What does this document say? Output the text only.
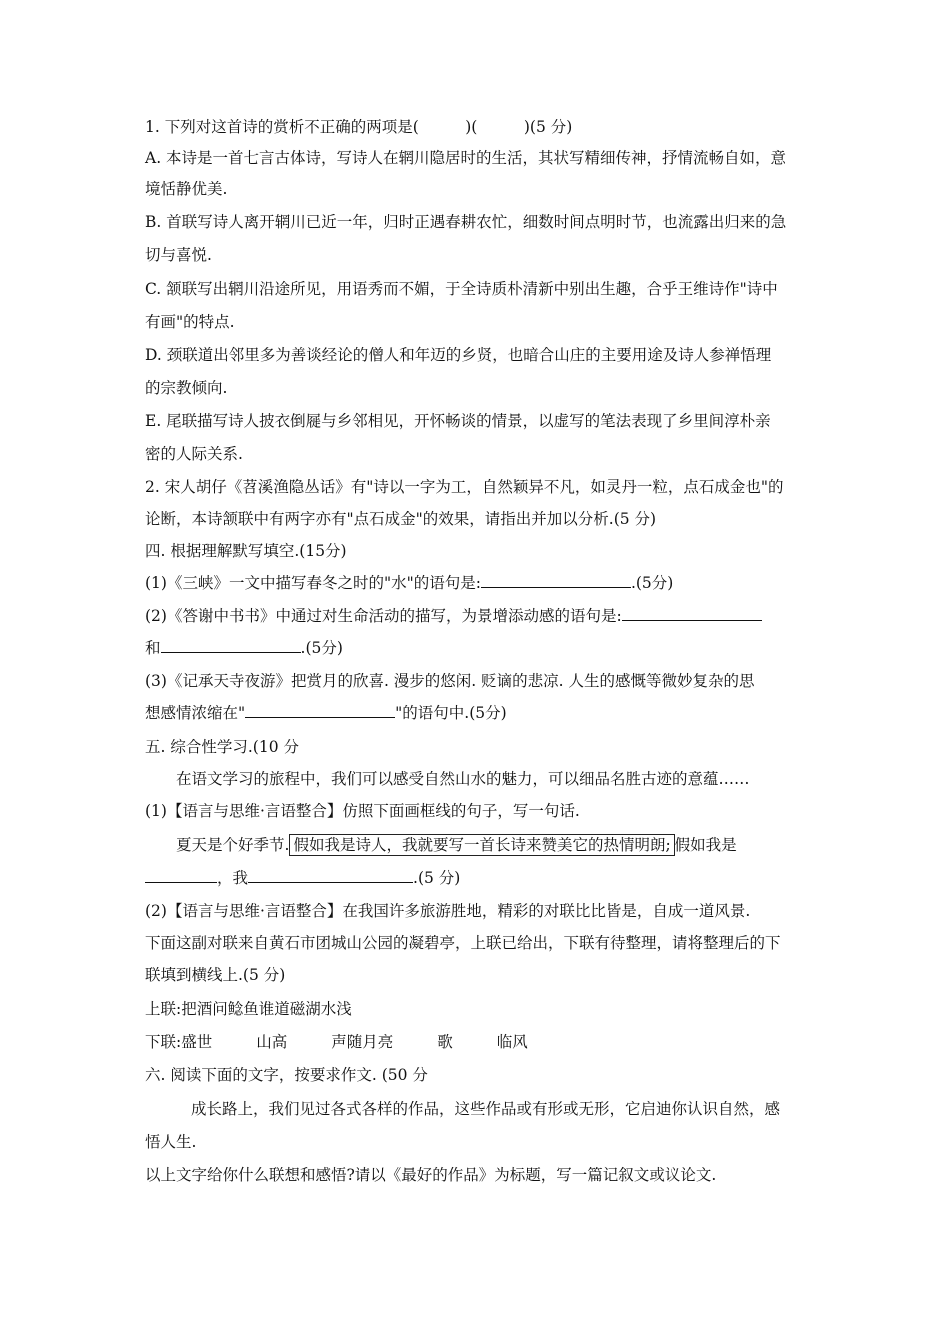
1. 下列对这首诗的赏析不正确的两项是(　　　)(　　　)(5 分)
A. 本诗是一首七言古体诗，写诗人在辋川隐居时的生活，其状写精细传神，抒情流畅自如，意
境恬静优美.
B. 首联写诗人离开辋川已近一年，归时正遇春耕农忙，细数时间点明时节，也流露出归来的急
切与喜悦.
C. 颔联写出辋川沿途所见，用语秀而不媚，于全诗质朴清新中别出生趣，合乎王维诗作"诗中
有画"的特点.
D. 颈联道出邻里多为善谈经论的僧人和年迈的乡贤，也暗合山庄的主要用途及诗人参禅悟理
的宗教倾向.
E. 尾联描写诗人披衣倒屣与乡邻相见，开怀畅谈的情景，以虚写的笔法表现了乡里间淳朴亲
密的人际关系.
2. 宋人胡仔《苕溪渔隐丛话》有"诗以一字为工，自然颖异不凡，如灵丹一粒，点石成金也"的
论断，本诗颔联中有两字亦有"点石成金"的效果，请指出并加以分析.(5 分)
四. 根据理解默写填空.(15分)
(1)《三峡》一文中描写春冬之时的"水"的语句是:	.(5分)
(2)《答谢中书书》中通过对生命活动的描写，为景增添动感的语句是:
和	.(5分)
(3)《记承天寺夜游》把赏月的欣喜. 漫步的悠闲. 贬谪的悲凉. 人生的感慨等微妙复杂的思
想感情浓缩在"	"的语句中.(5分)
五. 综合性学习.(10 分
在语文学习的旅程中，我们可以感受自然山水的魅力，可以细品名胜古迹的意蕴……
(1)【语言与思维·言语整合】仿照下面画框线的句子，写一句话.
夏天是个好季节. 假如我是诗人，我就要写一首长诗来赞美它的热情明朗; 假如我是
，我	.(5 分)
(2)【语言与思维·言语整合】在我国许多旅游胜地，精彩的对联比比皆是，自成一道风景.
下面这副对联来自黄石市团城山公园的凝碧亭，上联已给出，下联有待整理，请将整理后的下
联填到横线上.(5 分)
上联:把酒问鲶鱼谁道磁湖水浅
下联:盛世	山高	声随月亮	歌	临风
六. 阅读下面的文字，按要求作文. (50 分
成长路上，我们见过各式各样的作品，这些作品或有形或无形，它启迪你认识自然，感
悟人生.
以上文字给你什么联想和感悟?请以《最好的作品》为标题，写一篇记叙文或议论文.
